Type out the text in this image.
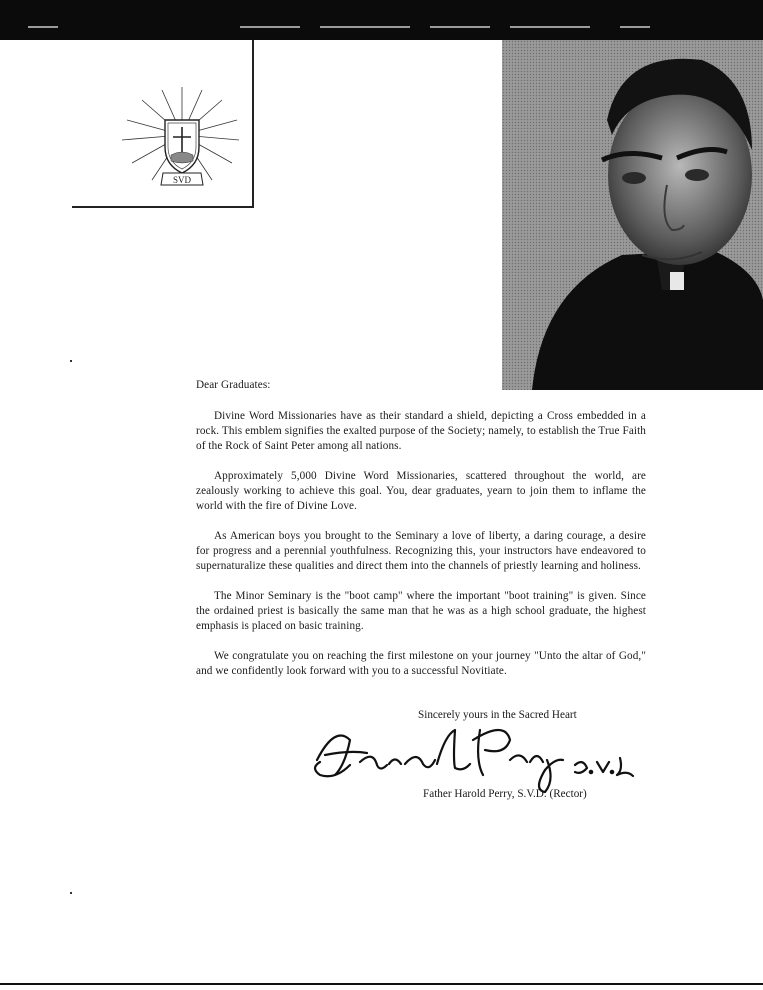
SVD

Dear Graduates:

Divine Word Missionaries have as their standard a shield, depicting a Cross embedded in a rock. This emblem signifies the exalted purpose of the Society; namely, to establish the True Faith of the Rock of Saint Peter among all nations.

Approximately 5,000 Divine Word Missionaries, scattered throughout the world, are zealously working to achieve this goal. You, dear graduates, yearn to join them to inflame the world with the fire of Divine Love.

As American boys you brought to the Seminary a love of liberty, a daring courage, a desire for progress and a perennial youthfulness. Recognizing this, your instructors have endeavored to supernaturalize these qualities and direct them into the channels of priestly learning and holiness.

The Minor Seminary is the "boot camp" where the important "boot training" is given. Since the ordained priest is basically the same man that he was as a high school graduate, the highest emphasis is placed on basic training.

We congratulate you on reaching the first milestone on your journey "Unto the altar of God," and we confidently look forward with you to a successful Novitiate.

Sincerely yours in the Sacred Heart
Father Harold Perry, S.V.D. (Rector)
